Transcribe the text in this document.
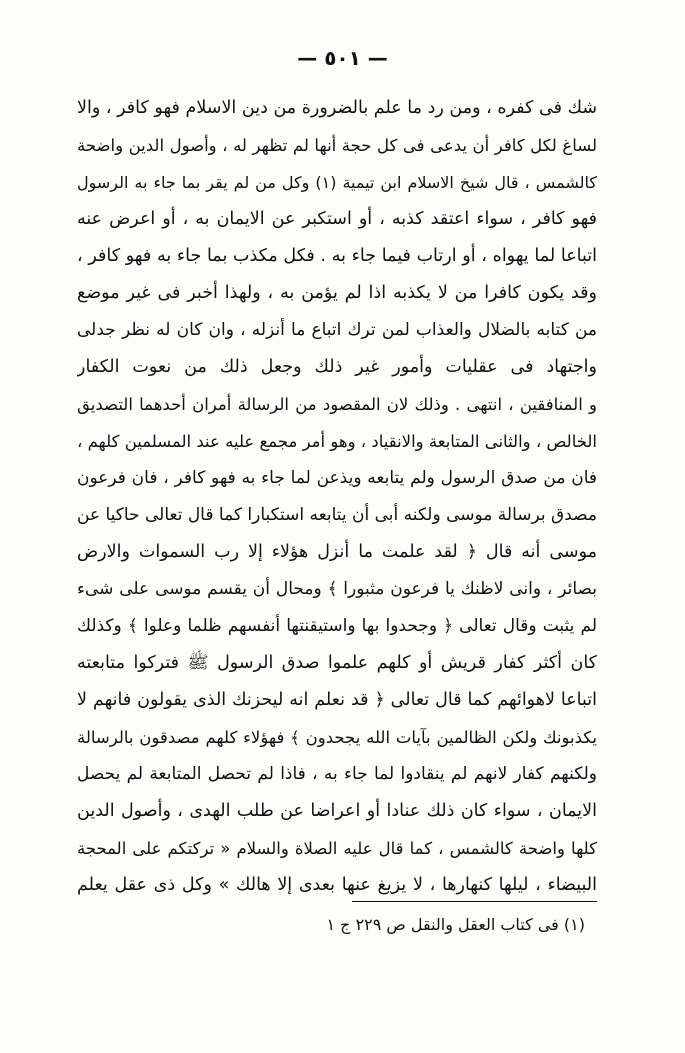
— ٥٠١ —
شك فى كفره ، ومن رد ما علم بالضرورة من دين الاسلام فهو كافر ، والا
لساغ لكل كافر أن يدعى فى كل حجة أنها لم تظهر له ، وأصول الدين واضحة
كالشمس ، قال شيخ الاسلام ابن تيمية (١) وكل من لم يقر بما جاء به الرسول
فهو كافر ، سواء اعتقد كذبه ، أو استكبر عن الايمان به ، أو اعرض عنه
اتباعا لما يهواه ، أو ارتاب فيما جاء به . فكل مكذب بما جاء به فهو كافر ،
وقد يكون كافرا من لا يكذبه اذا لم يؤمن به ، ولهذا أخبر فى غير موضع
من كتابه بالضلال والعذاب لمن ترك اتباع ما أنزله ، وان كان له نظر جدلى
واجتهاد فى عقليات وأمور غير ذلك وجعل ذلك من نعوت الكفار
و المنافقين ، انتهى . وذلك لان المقصود من الرسالة أمران أحدهما التصديق
الخالص ، والثانى المتابعة والانقياد ، وهو أمر مجمع عليه عند المسلمين كلهم ،
فان من صدق الرسول ولم يتابعه ويذعن لما جاء به فهو كافر ، فان فرعون
مصدق برسالة موسى ولكنه أبى أن يتابعه استكبارا كما قال تعالى حاكيا عن
موسى أنه قال ﴿ لقد علمت ما أنزل هؤلاء إلا رب السموات والارض
بصائر ، وانى لاظنك يا فرعون مثبورا ﴾ ومحال أن يقسم موسى على شىء
لم يثبت وقال تعالى ﴿ وجحدوا بها واستيقنتها أنفسهم ظلما وعلوا ﴾ وكذلك
كان أكثر كفار قريش أو كلهم علموا صدق الرسول ﷺ فتركوا متابعته
اتباعا لاهوائهم كما قال تعالى ﴿ قد نعلم انه ليحزنك الذى يقولون فانهم لا
يكذبونك ولكن الظالمين بآيات الله يجحدون ﴾ فهؤلاء كلهم مصدقون بالرسالة
ولكنهم كفار لانهم لم ينقادوا لما جاء به ، فاذا لم تحصل المتابعة لم يحصل
الايمان ، سواء كان ذلك عنادا أو اعراضا عن طلب الهدى ، وأصول الدين
كلها واضحة كالشمس ، كما قال عليه الصلاة والسلام « تركتكم على المحجة
البيضاء ، ليلها كنهارها ، لا يزيغ عنها بعدى إلا هالك » وكل ذى عقل يعلم
(١) فى كتاب العقل والنقل ص ٢٢٩ ج ١
